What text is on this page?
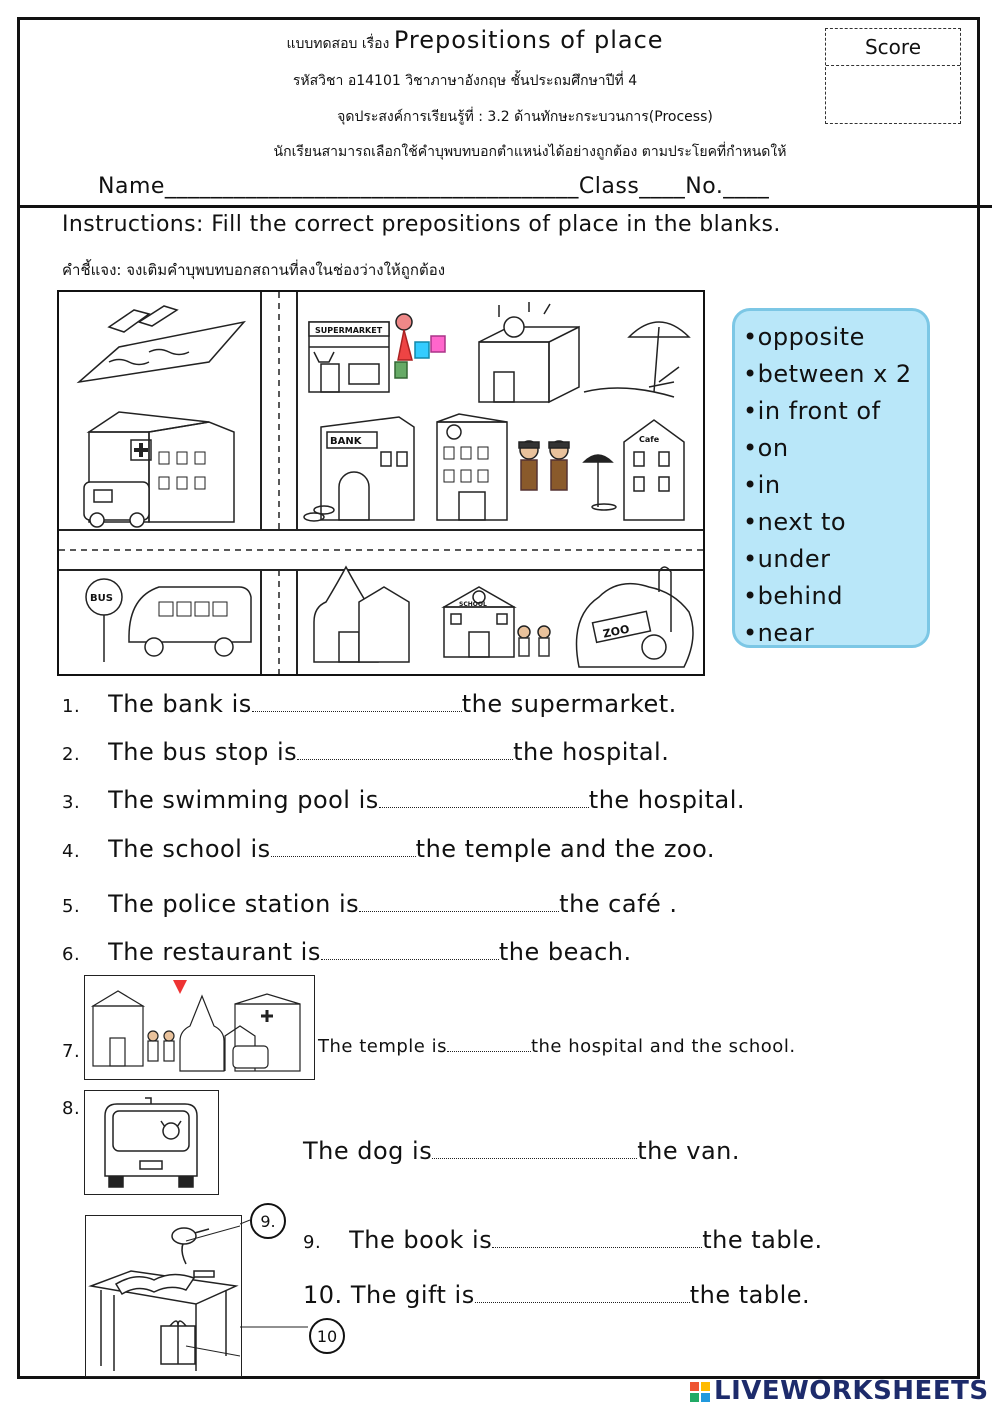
แบบทดสอบ เรื่อง Prepositions of place
รหัสวิชา อ14101 วิชาภาษาอังกฤษ ชั้นประถมศึกษาปีที่ 4
จุดประสงค์การเรียนรู้ที่ : 3.2 ด้านทักษะกระบวนการ(Process)
นักเรียนสามารถเลือกใช้คำบุพบทบอกตำแหน่งได้อย่างถูกต้อง ตามประโยคที่กำหนดให้
Score
Name____________________________________Class____No.____
Instructions: Fill the correct prepositions of place in the blanks.
คำชี้แจง: จงเติมคำบุพบทบอกสถานที่ลงในช่องว่างให้ถูกต้อง
SUPERMARKET
BANK	Cafe
BUS
SCHOOL
ZOO
•opposite
•between x 2
•in front of
•on
•in
•next to
•under
•behind
•near
1. The bank is	the supermarket.
2. The bus stop is	the hospital.
3. The swimming pool is	the hospital.
4. The school is	the temple and the zoo.
5. The police station is	the café .
6. The restaurant is	the beach.
7.	The temple is	the hospital and the school.
8.
The dog is	the van.
9.
10
9. The book is	the table.
10. The gift is	the table.
LIVEWORKSHEETS
